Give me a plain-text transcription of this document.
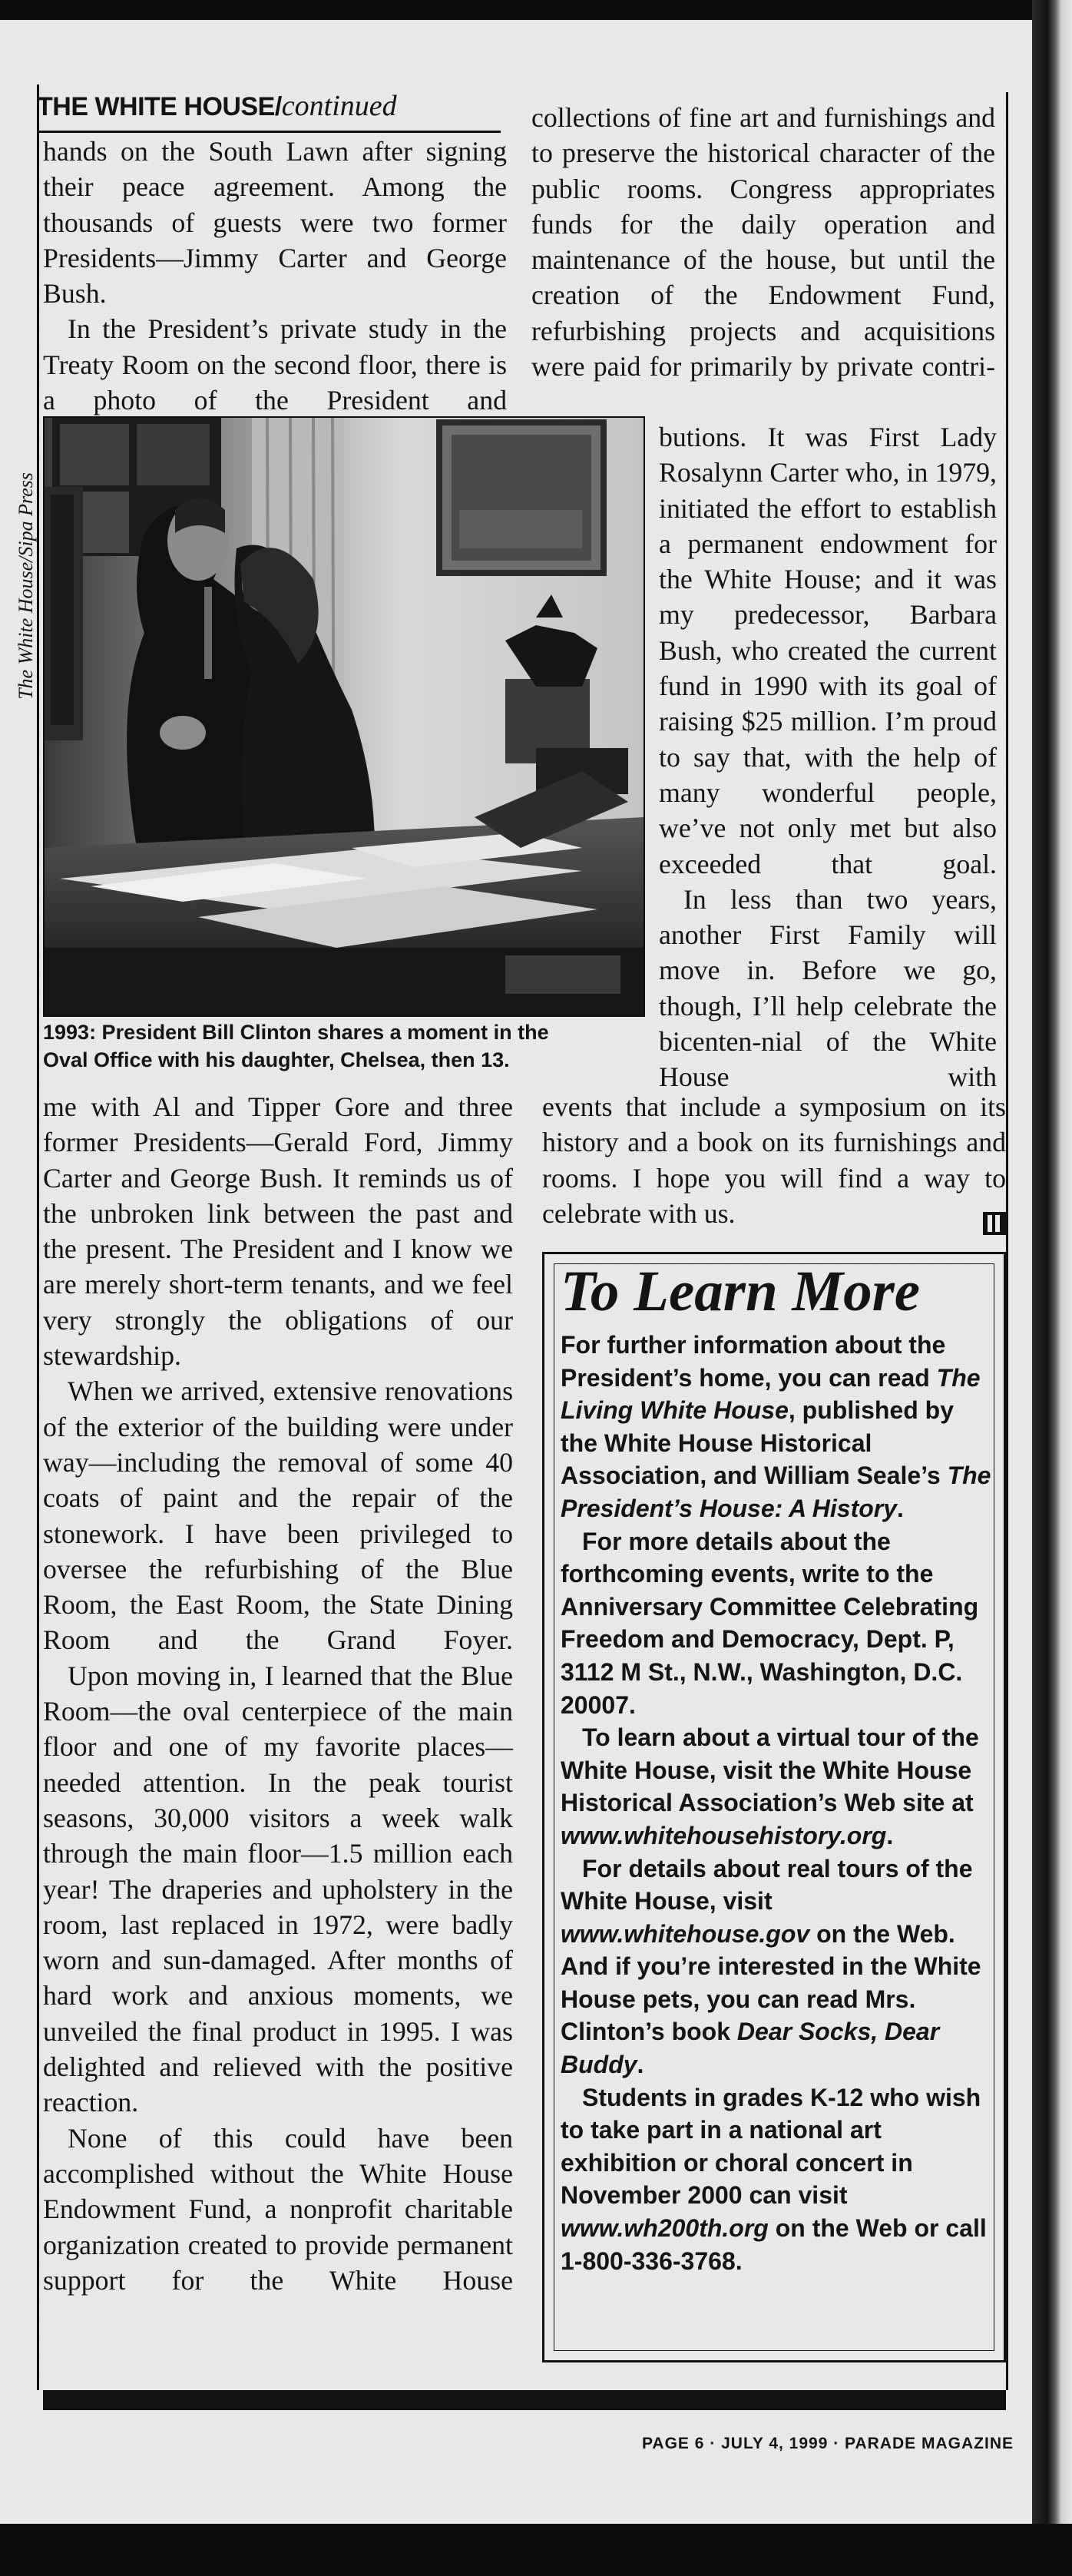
THE WHITE HOUSE/continued

hands on the South Lawn after signing their peace agreement. Among the thousands of guests were two former Presidents—Jimmy Carter and George Bush.

In the President’s private study in the Treaty Room on the second floor, there is a photo of the President and

collections of fine art and furnishings and to preserve the historical character of the public rooms. Congress appropriates funds for the daily operation and maintenance of the house, but until the creation of the Endowment Fund, refurbishing projects and acquisitions were paid for primarily by private contri-

The White House/Sipa Press
1993: President Bill Clinton shares a moment in the
Oval Office with his daughter, Chelsea, then 13.

butions. It was First Lady Rosalynn Carter who, in 1979, initiated the effort to establish a permanent endowment for the White House; and it was my predecessor, Barbara Bush, who created the current fund in 1990 with its goal of raising $25 million. I’m proud to say that, with the help of many wonderful people, we’ve not only met but also exceeded that goal.

In less than two years, another First Family will move in. Before we go, though, I’ll help celebrate the bicenten-nial of the White House with

me with Al and Tipper Gore and three former Presidents—Gerald Ford, Jimmy Carter and George Bush. It reminds us of the unbroken link between the past and the present. The President and I know we are merely short-term tenants, and we feel very strongly the obligations of our stewardship.

When we arrived, extensive renovations of the exterior of the building were under way—including the removal of some 40 coats of paint and the repair of the stonework. I have been privileged to oversee the refurbishing of the Blue Room, the East Room, the State Dining Room and the Grand Foyer.

Upon moving in, I learned that the Blue Room—the oval centerpiece of the main floor and one of my favorite places—needed attention. In the peak tourist seasons, 30,000 visitors a week walk through the main floor—1.5 million each year! The draperies and upholstery in the room, last replaced in 1972, were badly worn and sun-damaged. After months of hard work and anxious moments, we unveiled the final product in 1995. I was delighted and relieved with the positive reaction.

None of this could have been accomplished without the White House Endowment Fund, a nonprofit charitable organization created to provide permanent support for the White House

events that include a symposium on its history and a book on its furnishings and rooms. I hope you will find a way to celebrate with us.

To Learn More

For further information about the President’s home, you can read The Living White House, published by the White House Historical Association, and William Seale’s The President’s House: A History.

For more details about the forthcoming events, write to the Anniversary Committee Celebrating Freedom and Democracy, Dept. P, 3112 M St., N.W., Washington, D.C. 20007.

To learn about a virtual tour of the White House, visit the White House Historical Association’s Web site at www.whitehousehistory.org.

For details about real tours of the White House, visit www.whitehouse.gov on the Web. And if you’re interested in the White House pets, you can read Mrs. Clinton’s book Dear Socks, Dear Buddy.

Students in grades K-12 who wish to take part in a national art exhibition or choral concert in November 2000 can visit www.wh200th.org on the Web or call 1-800-336-3768.

PAGE 6 · JULY 4, 1999 · PARADE MAGAZINE
